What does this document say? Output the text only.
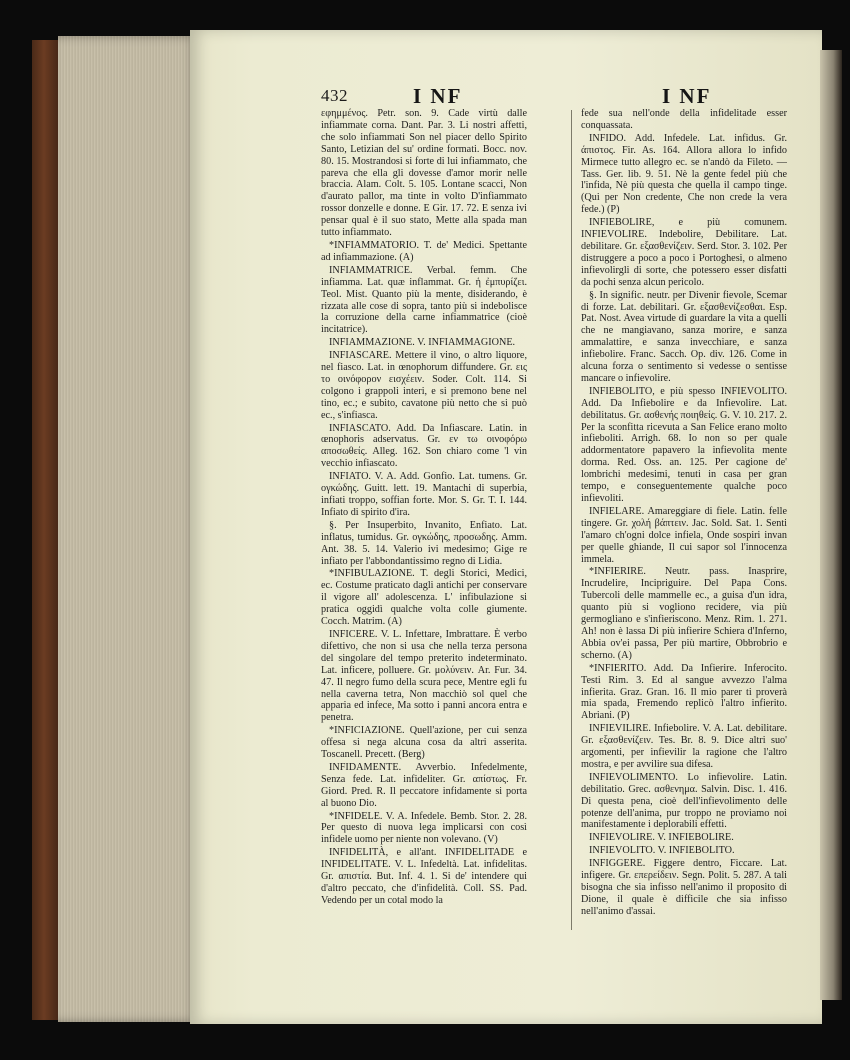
432	I NF	I NF

εφημμένος. Petr. son. 9. Cade virtù dalle infiammate corna. Dant. Par. 3. Li nostri affetti, che solo infiammati Son nel piacer dello Spirito Santo, Letizian del su' ordine formati. Bocc. nov. 80. 15. Mostrandosi si forte di lui infiammato, che pareva che ella gli dovesse d'amor morir nelle braccia. Alam. Colt. 5. 105. Lontane scacci, Non d'aurato pallor, ma tinte in volto D'infiammato rossor donzelle e donne. E Gir. 17. 72. E senza ivi pensar qual è il suo stato, Mette alla spada man tutto infiammato.

*INFIAMMATORIO. T. de' Medici. Spettante ad infiammazione. (A)

INFIAMMATRICE. Verbal. femm. Che infiamma. Lat. quæ inflammat. Gr. ἡ ἐμπυρίζει. Teol. Mist. Quanto più la mente, disiderando, è rizzata alle cose di sopra, tanto più si indebolisce la corruzione della carne infiammatrice (cioè incitatrice).

INFIAMMAZIONE. V. INFIAMMAGIONE.

INFIASCARE. Mettere il vino, o altro liquore, nel fiasco. Lat. in œnophorum diffundere. Gr. εις το οινόφορον εισχέειν. Soder. Colt. 114. Si colgono i grappoli interi, e si premono bene nel tino, ec.; e subito, cavatone più netto che si può ec., s'infiasca.

INFIASCATO. Add. Da Infiascare. Latin. in œnophoris adservatus. Gr. εν τω οινοφόρω αποσωθείς. Alleg. 162. Son chiaro come 'l vin vecchio infiascato.

INFIATO. V. A. Add. Gonfio. Lat. tumens. Gr. ογκώδης. Guitt. lett. 19. Mantachi di superbia, infiati troppo, soffian forte. Mor. S. Gr. T. I. 144. Infiato di spirito d'ira.

§. Per Insuperbito, Invanito, Enfiato. Lat. inflatus, tumidus. Gr. ογκώδης, προσωδης. Amm. Ant. 38. 5. 14. Valerio ivi medesimo; Gige re infiato per l'abbondantissimo regno di Lidia.

*INFIBULAZIONE. T. degli Storici, Medici, ec. Costume praticato dagli antichi per conservare il vigore all' adolescenza. L' infibulazione si pratica oggidì qualche volta colle giumente. Cocch. Matrim. (A)

INFICERE. V. L. Infettare, Imbrattare. È verbo difettivo, che non si usa che nella terza persona del singolare del tempo preterito indeterminato. Lat. inficere, polluere. Gr. μολύνειν. Ar. Fur. 34. 47. Il negro fumo della scura pece, Mentre egli fu nella caverna tetra, Non macchiò sol quel che apparia ed infece, Ma sotto i panni ancora entra e penetra.

*INFICIAZIONE. Quell'azione, per cui senza offesa si nega alcuna cosa da altri asserita. Toscanell. Precett. (Berg)

INFIDAMENTE. Avverbio. Infedelmente, Senza fede. Lat. infideliter. Gr. απίστως. Fr. Giord. Pred. R. Il peccatore infidamente si porta al buono Dio.

*INFIDELE. V. A. Infedele. Bemb. Stor. 2. 28. Per questo di nuova lega implicarsi con così infidele uomo per niente non volevano. (V)

INFIDELITÀ, e all'ant. INFIDELITADE e INFIDELITATE. V. L. Infedeltà. Lat. infidelitas. Gr. απιστία. But. Inf. 4. 1. Si de' intendere qui d'altro peccato, che d'infidelità. Coll. SS. Pad. Vedendo per un cotal modo la

fede sua nell'onde della infidelitade esser conquassata.

INFIDO. Add. Infedele. Lat. infidus. Gr. άπιστος. Fir. As. 164. Allora allora lo infido Mirmece tutto allegro ec. se n'andò da Fileto. — Tass. Ger. lib. 9. 51. Nè la gente fedel più che l'infida, Nè più questa che quella il campo tinge. (Qui per Non credente, Che non crede la vera fede.) (P)

INFIEBOLIRE, e più comunem. INFIEVOLIRE. Indebolire, Debilitare. Lat. debilitare. Gr. εξασθενίζειν. Serd. Stor. 3. 102. Per distruggere a poco a poco i Portoghesi, o almeno infievolirgli di sorte, che potessero esser disfatti da pochi senza alcun pericolo.

§. In signific. neutr. per Divenir fievole, Scemar di forze. Lat. debilitari. Gr. εξασθενίζεσθαι. Esp. Pat. Nost. Avea virtude di guardare la vita a quelli che ne mangiavano, sanza morire, e sanza ammalattire, e sanza invecchiare, e sanza infiebolire. Franc. Sacch. Op. div. 126. Come in alcuna forza o sentimento si vedesse o sentisse mancare o infievolire.

INFIEBOLITO, e più spesso INFIEVOLITO. Add. Da Infiebolire e da Infievolire. Lat. debilitatus. Gr. ασθενής ποιηθείς. G. V. 10. 217. 2. Per la sconfitta ricevuta a San Felice erano molto infieboliti. Arrigh. 68. Io non so per quale addormentatore papavero la infievolita mente dorma. Red. Oss. an. 125. Per cagione de' lombrichi medesimi, tenuti in casa per gran tempo, e conseguentemente qualche poco infievoliti.

INFIELARE. Amareggiare di fiele. Latin. felle tingere. Gr. χολή βάπτειν. Jac. Sold. Sat. 1. Senti l'amaro ch'ogni dolce infiela, Onde sospiri invan per quelle ghiande, Il cui sapor sol l'innocenza immela.

*INFIERIRE. Neutr. pass. Inasprire, Incrudelire, Incipriguire. Del Papa Cons. Tubercoli delle mammelle ec., a guisa d'un idra, quanto più si vogliono recidere, via più germogliano e s'infieriscono. Menz. Rim. 1. 271. Ah! non è lassa Di più infierire Schiera d'Inferno, Abbia ov'ei passa, Per più martire, Obbrobrio e scherno. (A)

*INFIERITO. Add. Da Infierire. Inferocito. Testi Rim. 3. Ed al sangue avvezzo l'alma infierita. Graz. Gran. 16. Il mio parer ti proverà mia spada, Fremendo replicò l'altro infierito. Abriani. (P)

INFIEVILIRE. Infiebolire. V. A. Lat. debilitare. Gr. εξασθενίζειν. Tes. Br. 8. 9. Dice altri suo' argomenti, per infievilir la ragione che l'altro mostra, e per avvilire sua difesa.

INFIEVOLIMENTO. Lo infievolire. Latin. debilitatio. Grec. ασθενημα. Salvin. Disc. 1. 416. Di questa pena, cioè dell'infievolimento delle potenze dell'anima, pur troppo ne proviamo noi manifestamente i deplorabili effetti.

INFIEVOLIRE. V. INFIEBOLIRE.

INFIEVOLITO. V. INFIEBOLITO.

INFIGGERE. Figgere dentro, Ficcare. Lat. infigere. Gr. επερείδειν. Segn. Polit. 5. 287. A tali bisogna che sia infisso nell'animo il proposito di Dione, il quale è difficile che sia infisso nell'animo d'assai.
